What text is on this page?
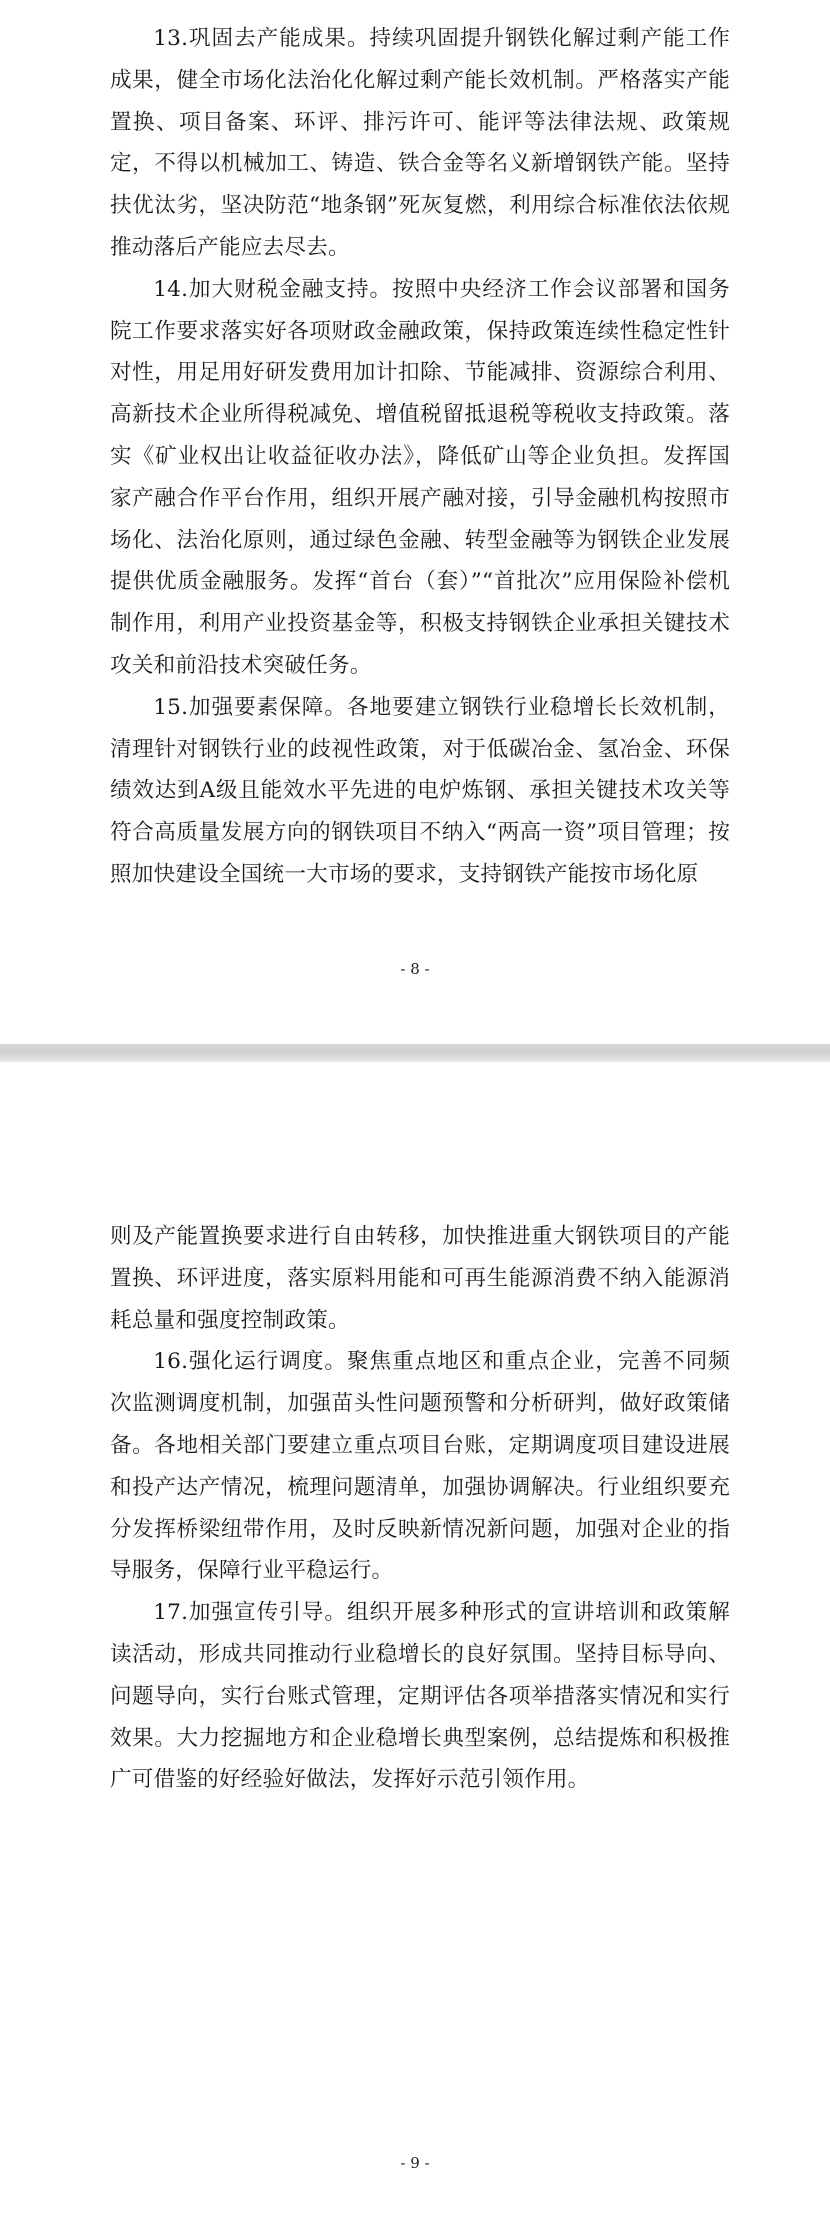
13.巩固去产能成果。持续巩固提升钢铁化解过剩产能工作成果，健全市场化法治化化解过剩产能长效机制。严格落实产能置换、项目备案、环评、排污许可、能评等法律法规、政策规定，不得以机械加工、铸造、铁合金等名义新增钢铁产能。坚持扶优汰劣，坚决防范“地条钢”死灰复燃，利用综合标准依法依规推动落后产能应去尽去。

14.加大财税金融支持。按照中央经济工作会议部署和国务院工作要求落实好各项财政金融政策，保持政策连续性稳定性针对性，用足用好研发费用加计扣除、节能减排、资源综合利用、高新技术企业所得税减免、增值税留抵退税等税收支持政策。落实《矿业权出让收益征收办法》，降低矿山等企业负担。发挥国家产融合作平台作用，组织开展产融对接，引导金融机构按照市场化、法治化原则，通过绿色金融、转型金融等为钢铁企业发展提供优质金融服务。发挥“首台（套）”“首批次”应用保险补偿机制作用，利用产业投资基金等，积极支持钢铁企业承担关键技术攻关和前沿技术突破任务。

15.加强要素保障。各地要建立钢铁行业稳增长长效机制，清理针对钢铁行业的歧视性政策，对于低碳冶金、氢冶金、环保绩效达到A级且能效水平先进的电炉炼钢、承担关键技术攻关等符合高质量发展方向的钢铁项目不纳入“两高一资”项目管理；按照加快建设全国统一大市场的要求，支持钢铁产能按市场化原

- 8 -

则及产能置换要求进行自由转移，加快推进重大钢铁项目的产能置换、环评进度，落实原料用能和可再生能源消费不纳入能源消耗总量和强度控制政策。

16.强化运行调度。聚焦重点地区和重点企业，完善不同频次监测调度机制，加强苗头性问题预警和分析研判，做好政策储备。各地相关部门要建立重点项目台账，定期调度项目建设进展和投产达产情况，梳理问题清单，加强协调解决。行业组织要充分发挥桥梁纽带作用，及时反映新情况新问题，加强对企业的指导服务，保障行业平稳运行。

17.加强宣传引导。组织开展多种形式的宣讲培训和政策解读活动，形成共同推动行业稳增长的良好氛围。坚持目标导向、问题导向，实行台账式管理，定期评估各项举措落实情况和实行效果。大力挖掘地方和企业稳增长典型案例，总结提炼和积极推广可借鉴的好经验好做法，发挥好示范引领作用。

- 9 -
